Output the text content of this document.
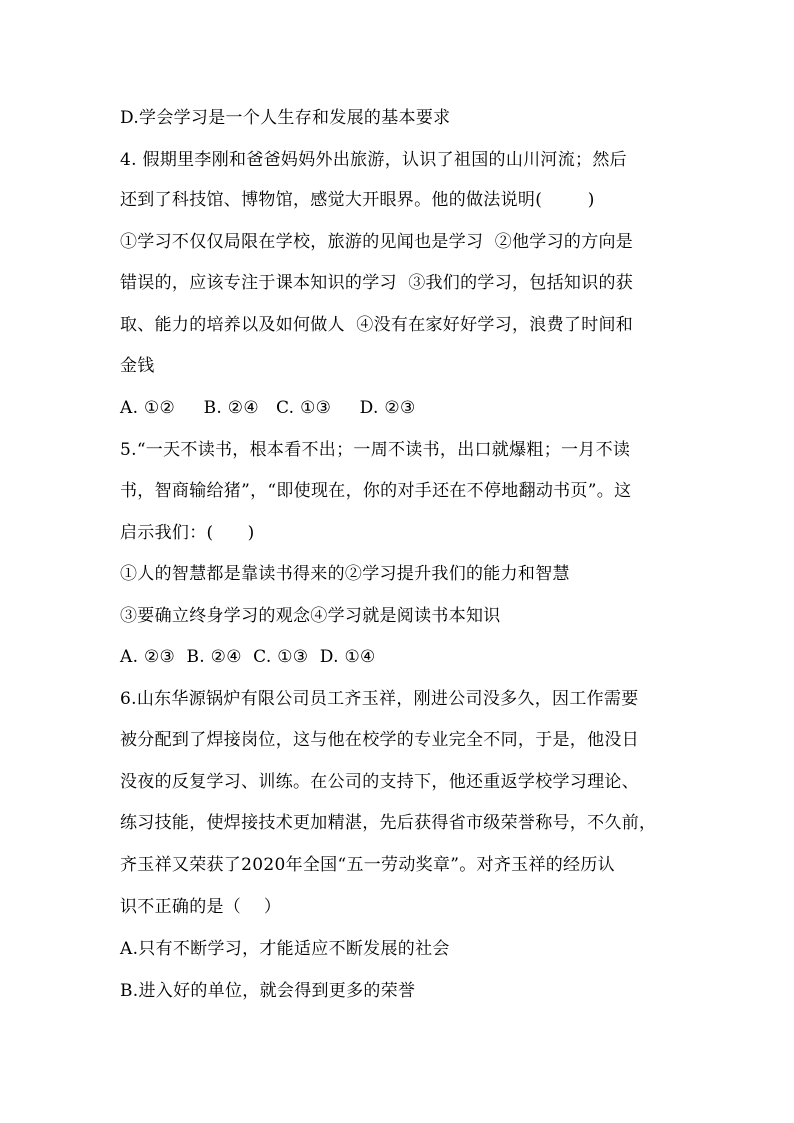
D.学会学习是一个人生存和发展的基本要求
4. 假期里李刚和爸爸妈妈外出旅游，认识了祖国的山川河流；然后
还到了科技馆、博物馆，感觉大开眼界。他的做法说明(        )
①学习不仅仅局限在学校，旅游的见闻也是学习  ②他学习的方向是
错误的，应该专注于课本知识的学习  ③我们的学习，包括知识的获
取、能力的培养以及如何做人  ④没有在家好好学习，浪费了时间和
金钱
A. ①②     B. ②④   C. ①③     D. ②③
5.“一天不读书，根本看不出；一周不读书，出口就爆粗；一月不读
书，智商输给猪”，“即使现在，你的对手还在不停地翻动书页”。这
启示我们：(      )
①人的智慧都是靠读书得来的②学习提升我们的能力和智慧
③要确立终身学习的观念④学习就是阅读书本知识
A. ②③  B. ②④  C. ①③  D. ①④
6.山东华源锅炉有限公司员工齐玉祥，刚进公司没多久，因工作需要
被分配到了焊接岗位，这与他在校学的专业完全不同，于是，他没日
没夜的反复学习、训练。在公司的支持下，他还重返学校学习理论、
练习技能，使焊接技术更加精湛，先后获得省市级荣誉称号，不久前，
齐玉祥又荣获了2020年全国“五一劳动奖章”。对齐玉祥的经历认
识不正确的是（    ）
A.只有不断学习，才能适应不断发展的社会
B.进入好的单位，就会得到更多的荣誉
